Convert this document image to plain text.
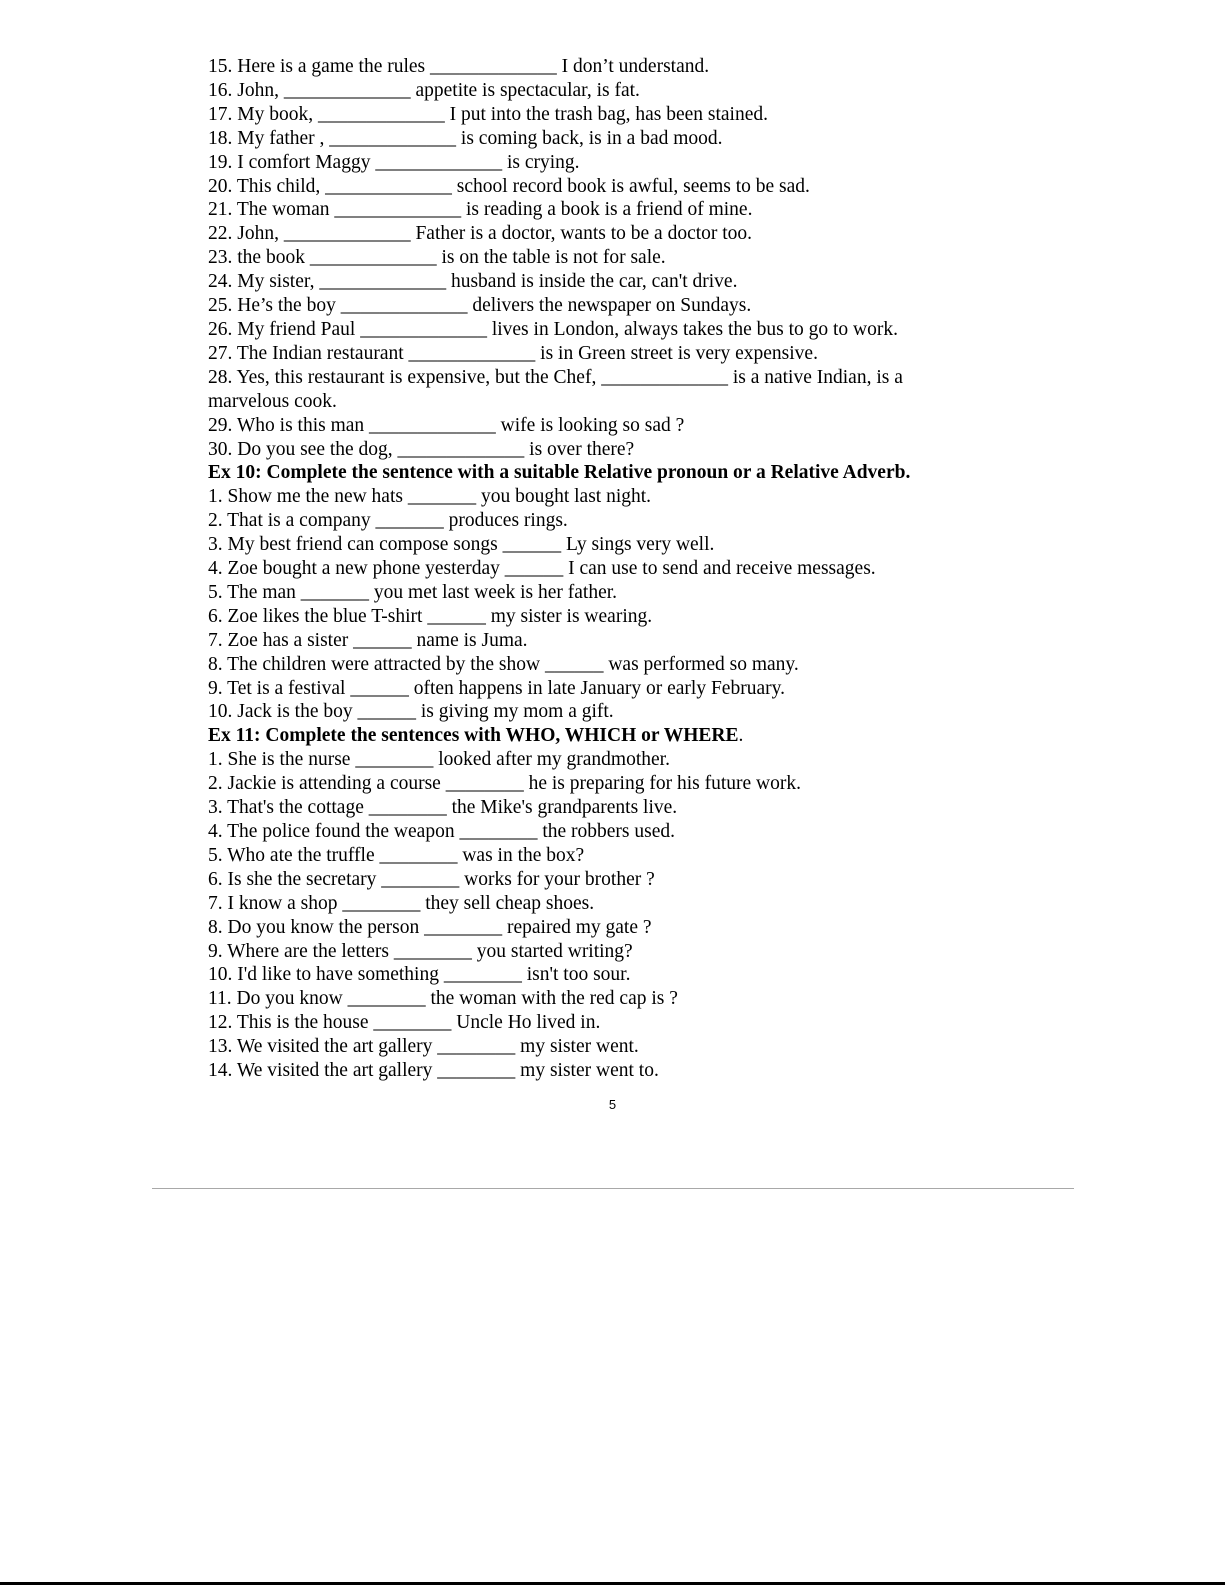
15. Here is a game the rules _____________ I don’t understand.
16. John, _____________ appetite is spectacular, is fat.
17. My book, _____________ I put into the trash bag, has been stained.
18. My father , _____________ is coming back, is in a bad mood.
19. I comfort Maggy _____________ is crying.
20. This child, _____________ school record book is awful, seems to be sad.
21. The woman _____________ is reading a book is a friend of mine.
22. John, _____________ Father is a doctor, wants to be a doctor too.
23. the book _____________ is on the table is not for sale.
24. My sister, _____________ husband is inside the car, can't drive.
25. He’s the boy _____________ delivers the newspaper on Sundays.
26. My friend Paul _____________ lives in London, always takes the bus to go to work.
27. The Indian restaurant _____________ is in Green street is very expensive.
28. Yes, this restaurant is expensive, but the Chef, _____________ is a native Indian, is a marvelous cook.
29. Who is this man _____________ wife is looking so sad ?
30. Do you see the dog, _____________ is over there?
Ex 10: Complete the sentence with a suitable Relative pronoun or a Relative Adverb.
1. Show me the new hats _______ you bought last night.
2. That is a company _______ produces rings.
3. My best friend can compose songs ______ Ly sings very well.
4. Zoe bought a new phone yesterday ______ I can use to send and receive messages.
5. The man _______ you met last week is her father.
6. Zoe likes the blue T-shirt ______ my sister is wearing.
7. Zoe has a sister ______ name is Juma.
8. The children were attracted by the show ______ was performed so many.
9. Tet is a festival ______ often happens in late January or early February.
10. Jack is the boy ______ is giving my mom a gift.
Ex 11: Complete the sentences with WHO, WHICH or WHERE.
1. She is the nurse ________ looked after my grandmother.
2. Jackie is attending a course ________ he is preparing for his future work.
3. That's the cottage ________ the Mike's grandparents live.
4. The police found the weapon ________ the robbers used.
5. Who ate the truffle ________ was in the box?
6. Is she the secretary ________ works for your brother ?
7. I know a shop ________ they sell cheap shoes.
8. Do you know the person ________ repaired my gate ?
9. Where are the letters ________ you started writing?
10. I'd like to have something ________ isn't too sour.
11. Do you know ________ the woman with the red cap is ?
12. This is the house ________ Uncle Ho lived in.
13. We visited the art gallery ________ my sister went.
14. We visited the art gallery ________ my sister went to.
5
